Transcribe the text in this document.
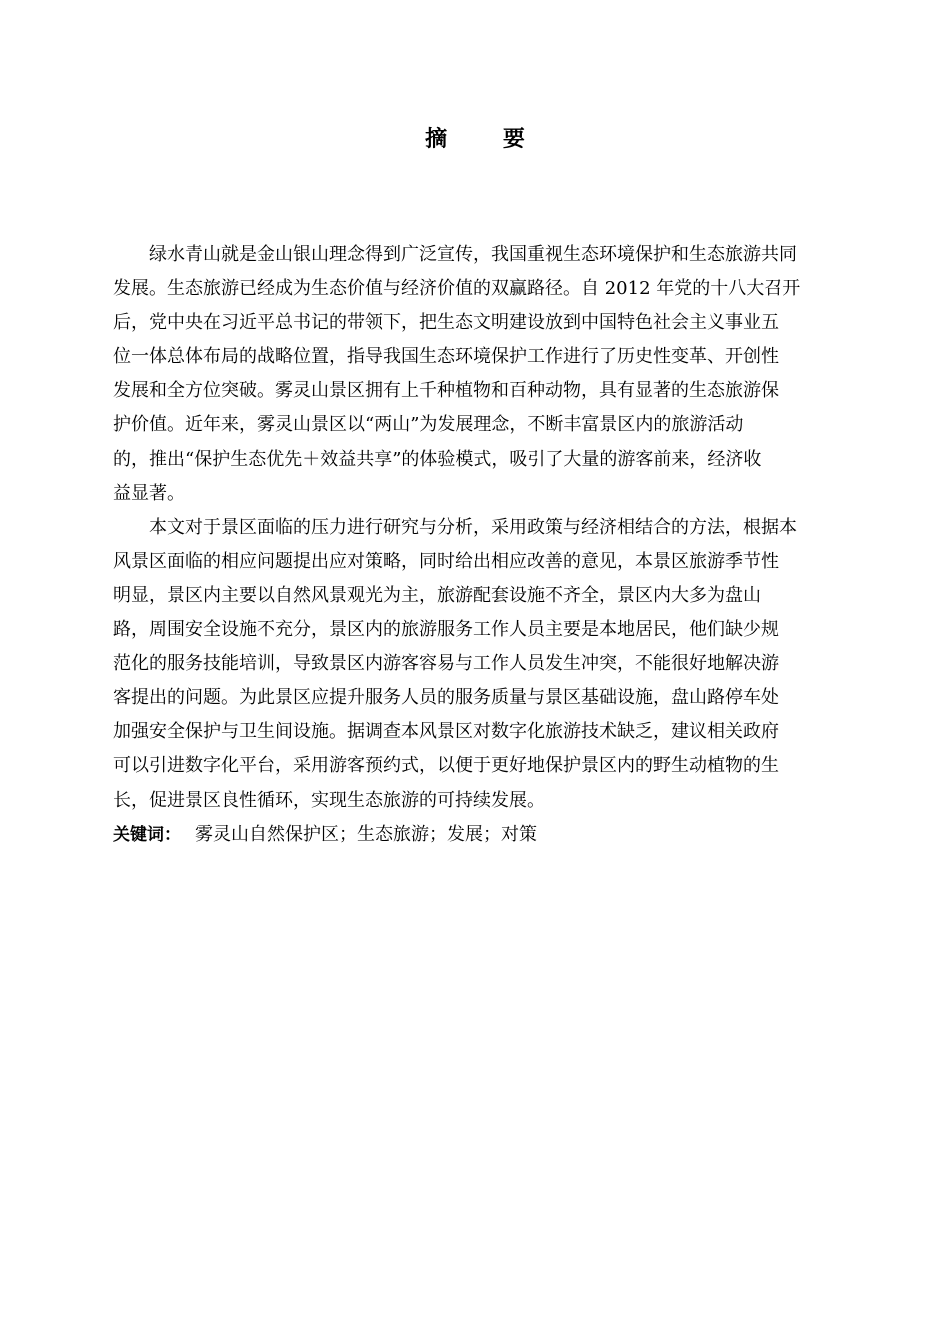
摘 要
绿水青山就是金山银山理念得到广泛宣传，我国重视生态环境保护和生态旅游共同
发展。生态旅游已经成为生态价值与经济价值的双赢路径。自 2012 年党的十八大召开
后，党中央在习近平总书记的带领下，把生态文明建设放到中国特色社会主义事业五
位一体总体布局的战略位置，指导我国生态环境保护工作进行了历史性变革、开创性
发展和全方位突破。雾灵山景区拥有上千种植物和百种动物，具有显著的生态旅游保
护价值。近年来，雾灵山景区以“两山”为发展理念，不断丰富景区内的旅游活动
的，推出“保护生态优先＋效益共享”的体验模式，吸引了大量的游客前来，经济收
益显著。
本文对于景区面临的压力进行研究与分析，采用政策与经济相结合的方法，根据本
风景区面临的相应问题提出应对策略，同时给出相应改善的意见，本景区旅游季节性
明显，景区内主要以自然风景观光为主，旅游配套设施不齐全，景区内大多为盘山
路，周围安全设施不充分，景区内的旅游服务工作人员主要是本地居民，他们缺少规
范化的服务技能培训，导致景区内游客容易与工作人员发生冲突，不能很好地解决游
客提出的问题。为此景区应提升服务人员的服务质量与景区基础设施，盘山路停车处
加强安全保护与卫生间设施。据调查本风景区对数字化旅游技术缺乏，建议相关政府
可以引进数字化平台，采用游客预约式，以便于更好地保护景区内的野生动植物的生
长，促进景区良性循环，实现生态旅游的可持续发展。
关键词： 雾灵山自然保护区；生态旅游；发展；对策
